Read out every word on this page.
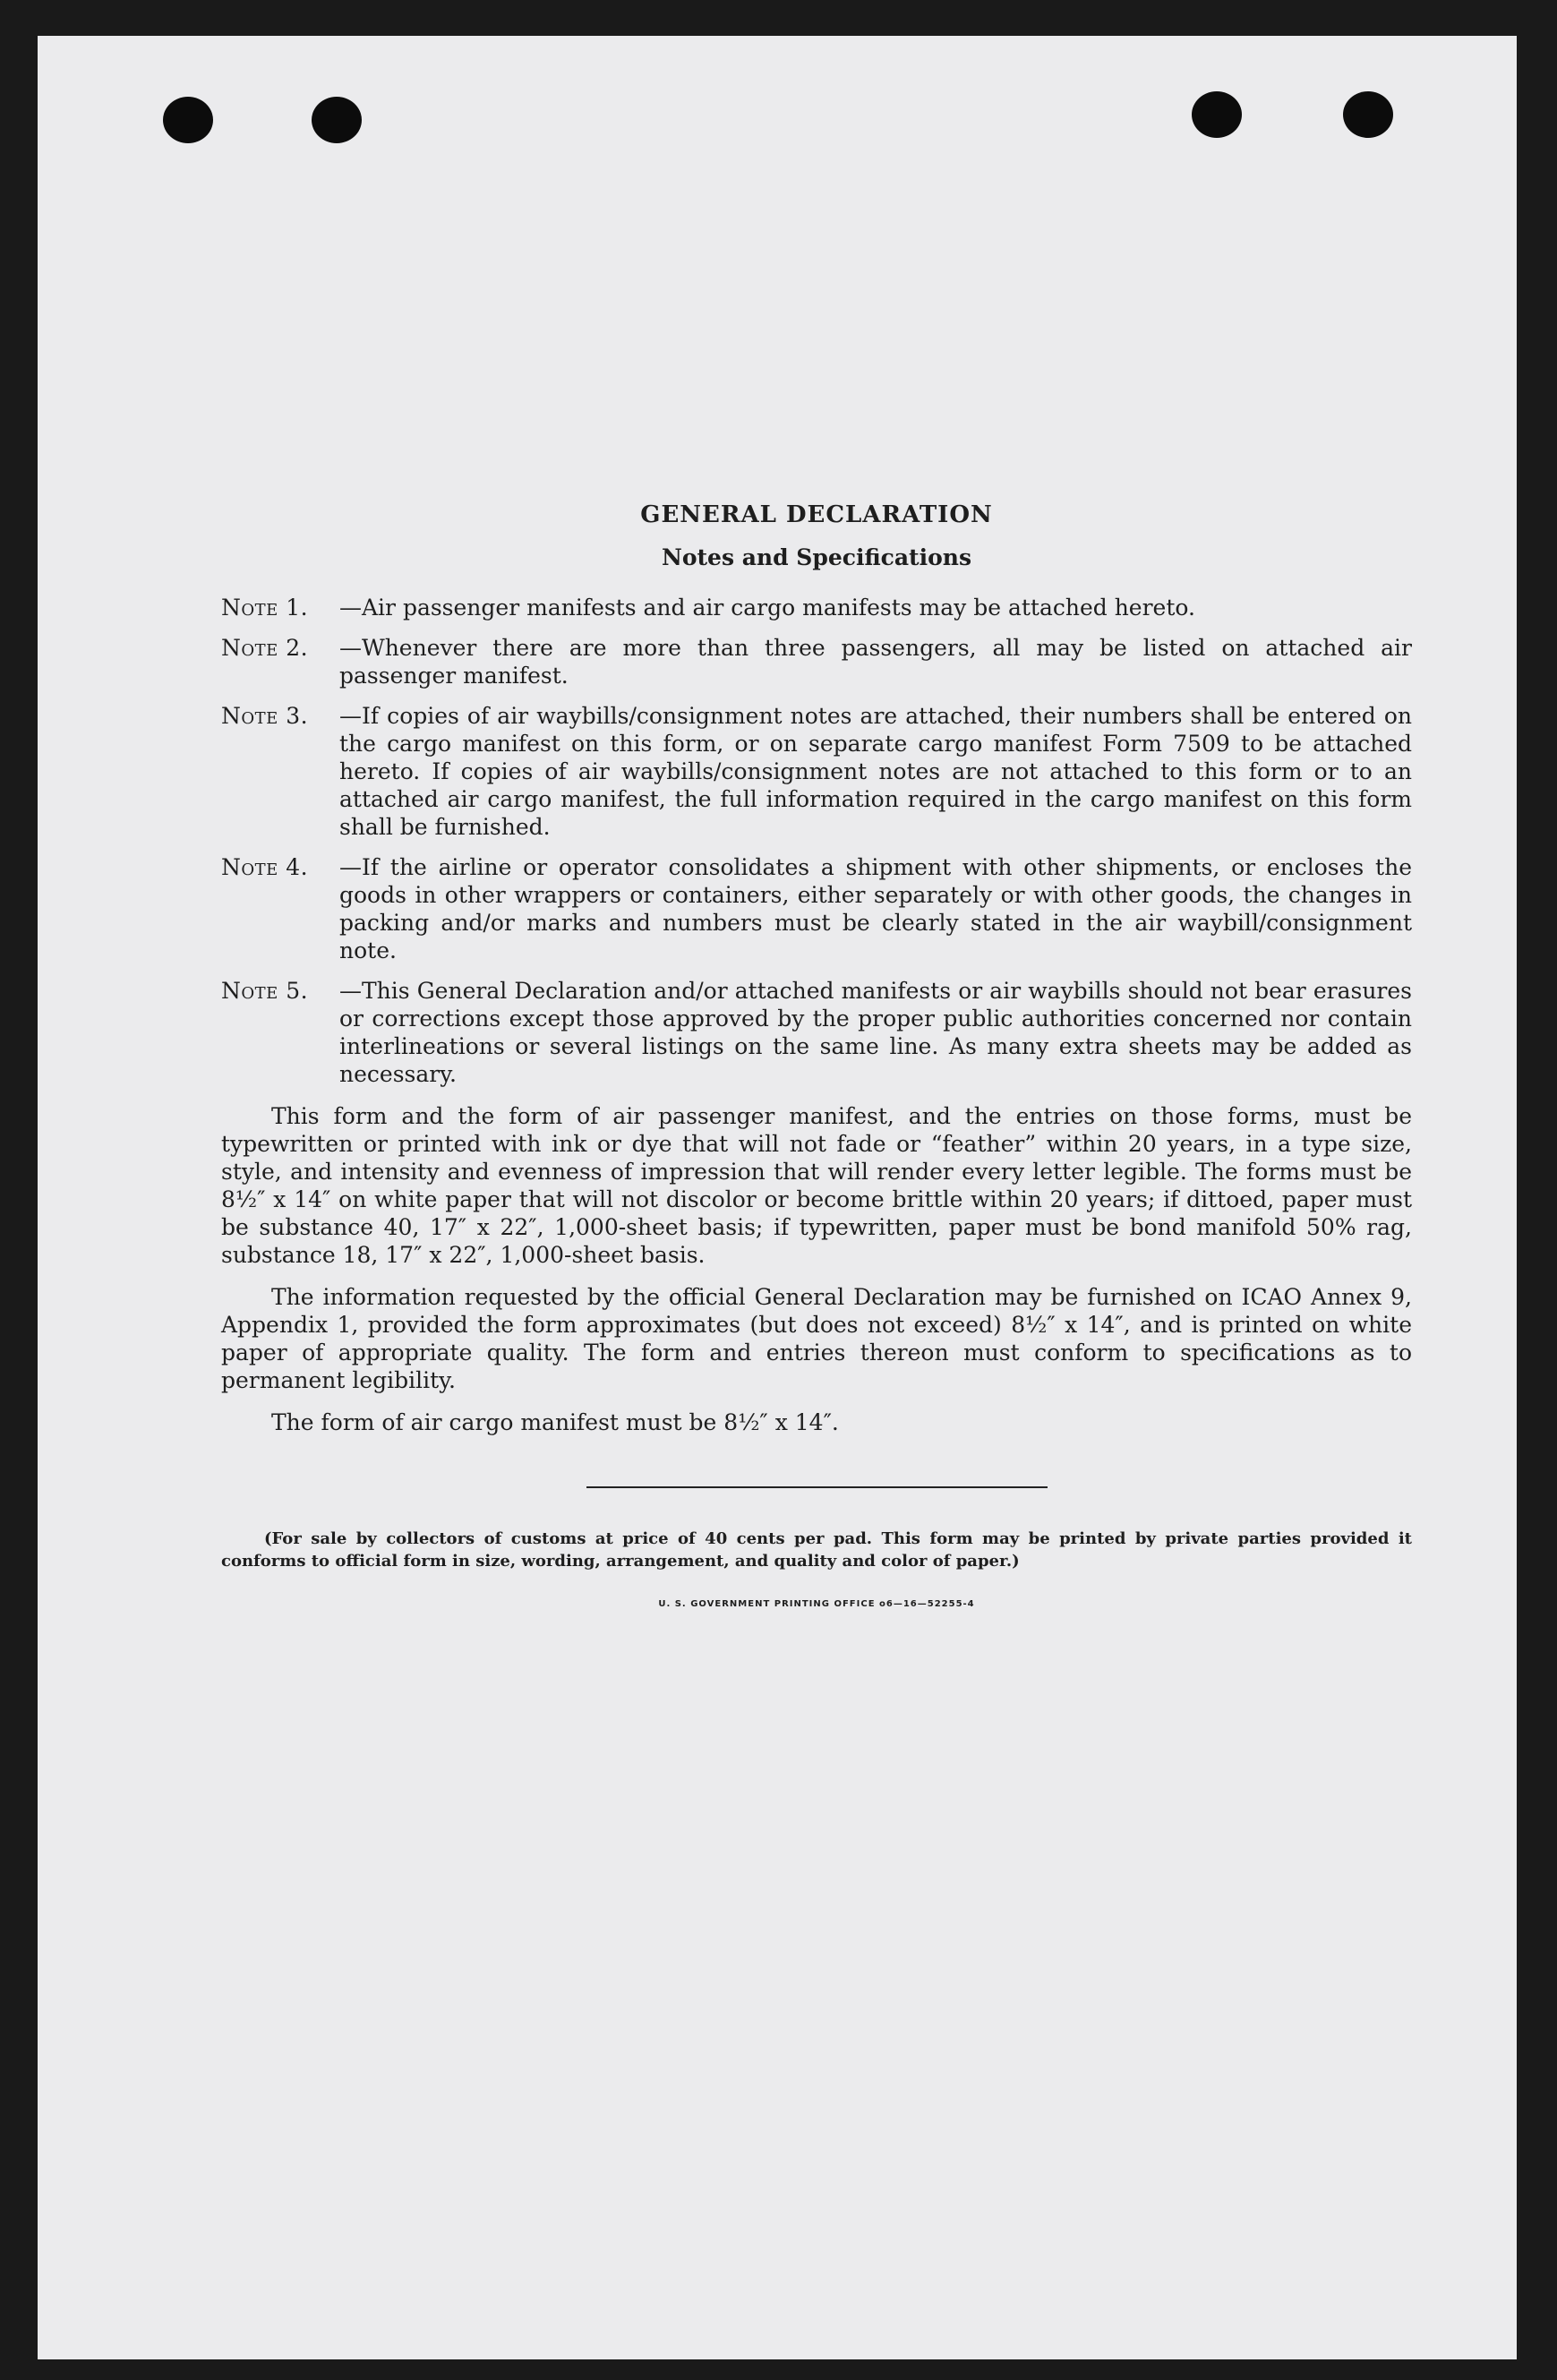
GENERAL DECLARATION
Notes and Specifications
Note 1.	—Air passenger manifests and air cargo manifests may be attached hereto.
Note 2.	—Whenever there are more than three passengers, all may be listed on attached air passenger manifest.
Note 3.	—If copies of air waybills/consignment notes are attached, their numbers shall be entered on the cargo manifest on this form, or on separate cargo manifest Form 7509 to be attached hereto. If copies of air waybills/consignment notes are not attached to this form or to an attached air cargo manifest, the full information required in the cargo manifest on this form shall be furnished.
Note 4.	—If the airline or operator consolidates a shipment with other shipments, or encloses the goods in other wrappers or containers, either separately or with other goods, the changes in packing and/or marks and numbers must be clearly stated in the air waybill/consignment note.
Note 5.	—This General Declaration and/or attached manifests or air waybills should not bear erasures or corrections except those approved by the proper public authorities concerned nor contain interlineations or several listings on the same line. As many extra sheets may be added as necessary.

This form and the form of air passenger manifest, and the entries on those forms, must be typewritten or printed with ink or dye that will not fade or “feather” within 20 years, in a type size, style, and intensity and evenness of impression that will render every letter legible. The forms must be 8½″ x 14″ on white paper that will not discolor or become brittle within 20 years; if dittoed, paper must be substance 40, 17″ x 22″, 1,000-sheet basis; if typewritten, paper must be bond manifold 50% rag, substance 18, 17″ x 22″, 1,000-sheet basis.

The information requested by the official General Declaration may be furnished on ICAO Annex 9, Appendix 1, provided the form approximates (but does not exceed) 8½″ x 14″, and is printed on white paper of appropriate quality. The form and entries thereon must conform to specifications as to permanent legibility.

The form of air cargo manifest must be 8½″ x 14″.

(For sale by collectors of customs at price of 40 cents per pad. This form may be printed by private parties provided it conforms to official form in size, wording, arrangement, and quality and color of paper.)

U. S. GOVERNMENT PRINTING OFFICE o6—16—52255-4
